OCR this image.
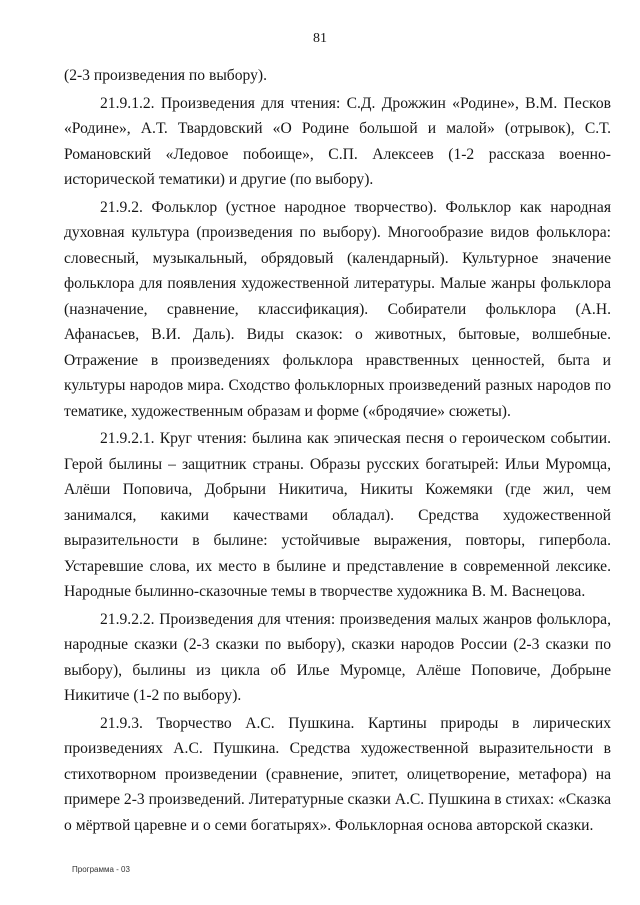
81

(2-3 произведения по выбору).

21.9.1.2. Произведения для чтения: С.Д. Дрожжин «Родине», В.М. Песков «Родине», А.Т. Твардовский «О Родине большой и малой» (отрывок), С.Т. Романовский «Ледовое побоище», С.П. Алексеев (1-2 рассказа военно-исторической тематики) и другие (по выбору).

21.9.2. Фольклор (устное народное творчество). Фольклор как народная духовная культура (произведения по выбору). Многообразие видов фольклора: словесный, музыкальный, обрядовый (календарный). Культурное значение фольклора для появления художественной литературы. Малые жанры фольклора (назначение, сравнение, классификация). Собиратели фольклора (А.Н. Афанасьев, В.И. Даль). Виды сказок: о животных, бытовые, волшебные. Отражение в произведениях фольклора нравственных ценностей, быта и культуры народов мира. Сходство фольклорных произведений разных народов по тематике, художественным образам и форме («бродячие» сюжеты).

21.9.2.1. Круг чтения: былина как эпическая песня о героическом событии. Герой былины – защитник страны. Образы русских богатырей: Ильи Муромца, Алёши Поповича, Добрыни Никитича, Никиты Кожемяки (где жил, чем занимался, какими качествами обладал). Средства художественной выразительности в былине: устойчивые выражения, повторы, гипербола. Устаревшие слова, их место в былине и представление в современной лексике. Народные былинно-сказочные темы в творчестве художника В. М. Васнецова.

21.9.2.2. Произведения для чтения: произведения малых жанров фольклора, народные сказки (2-3 сказки по выбору), сказки народов России (2-3 сказки по выбору), былины из цикла об Илье Муромце, Алёше Поповиче, Добрыне Никитиче (1-2 по выбору).

21.9.3. Творчество А.С. Пушкина. Картины природы в лирических произведениях А.С. Пушкина. Средства художественной выразительности в стихотворном произведении (сравнение, эпитет, олицетворение, метафора) на примере 2-3 произведений. Литературные сказки А.С. Пушкина в стихах: «Сказка о мёртвой царевне и о семи богатырях». Фольклорная основа авторской сказки.

Программа - 03
